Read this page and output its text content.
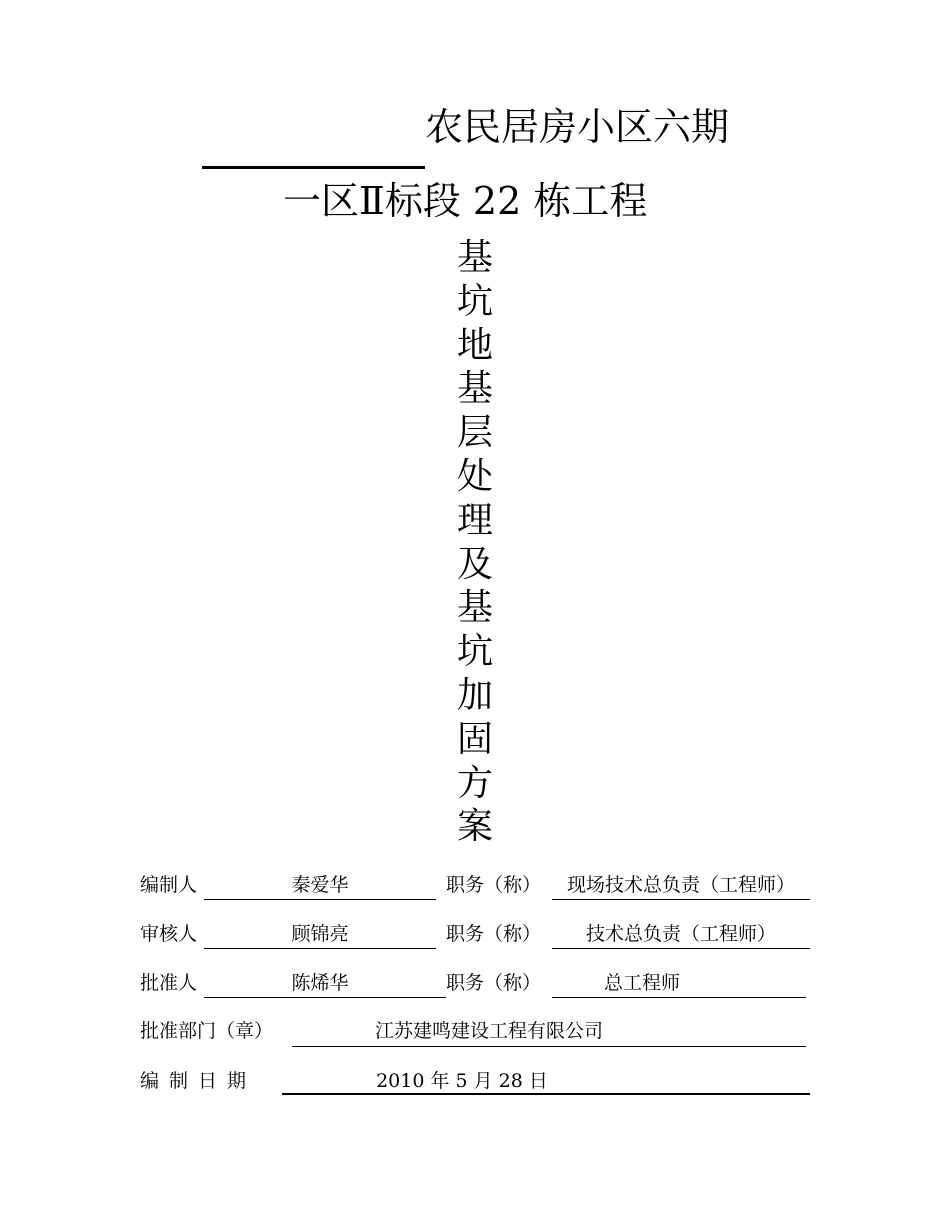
农民居房小区六期
一区Ⅱ标段 22 栋工程
基坑地基层处理及基坑加固方案
编制人	秦爱华	职务（称）	现场技术总负责（工程师）
审核人	顾锦亮	职务（称）	技术总负责（工程师）
批准人	陈烯华	职务（称）	总工程师
批准部门（章）	江苏建鸣建设工程有限公司
编制日期	2010 年 5 月 28 日
